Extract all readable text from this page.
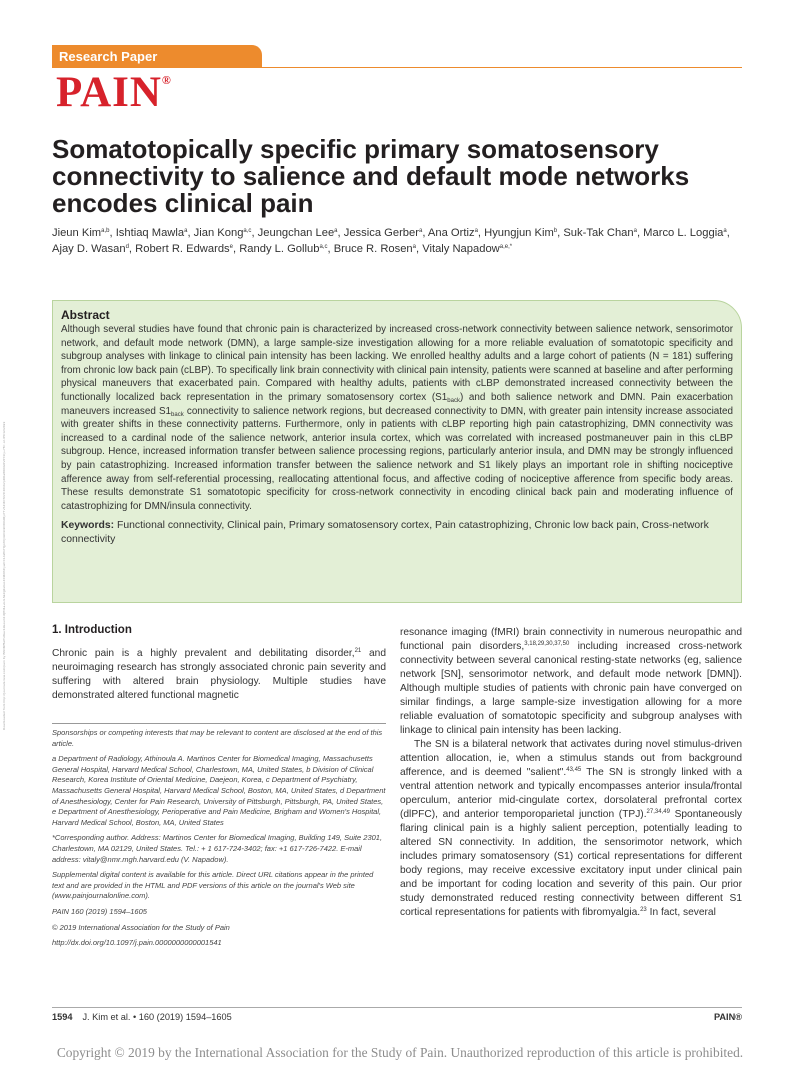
Downloaded from http://journals.lww.com/pain by BhDMf5ePHKav1zEoum1tQfN4a+kJLhEZgbsIHo4XMi0hCywCX1AWnYQp/IlQrHD3i3D0OdRyi7TvSFl4Cf3VC4/OAVpDDa8KKGKV0Ymy+78= on 05/12/2023
Research Paper
PAIN®
Somatotopically specific primary somatosensory connectivity to salience and default mode networks encodes clinical pain
Jieun Kim$^{a,b}$, Ishtiaq Mawla$^a$, Jian Kong$^{a,c}$, Jeungchan Lee$^a$, Jessica Gerber$^a$, Ana Ortiz$^a$, Hyungjun Kim$^b$, Suk-Tak Chan$^a$, Marco L. Loggia$^a$, Ajay D. Wasan$^d$, Robert R. Edwards$^e$, Randy L. Gollub$^{a,c}$, Bruce R. Rosen$^a$, Vitaly Napadow$^{a,e,*}$
Abstract
Although several studies have found that chronic pain is characterized by increased cross-network connectivity between salience network, sensorimotor network, and default mode network (DMN), a large sample-size investigation allowing for a more reliable evaluation of somatotopic specificity and subgroup analyses with linkage to clinical pain intensity has been lacking. We enrolled healthy adults and a large cohort of patients (N = 181) suffering from chronic low back pain (cLBP). To specifically link brain connectivity with clinical pain intensity, patients were scanned at baseline and after performing physical maneuvers that exacerbated pain. Compared with healthy adults, patients with cLBP demonstrated increased connectivity between the functionally localized back representation in the primary somatosensory cortex $(S1_{back})$ and both salience network and DMN. Pain exacerbation maneuvers increased $S1_{back}$ connectivity to salience network regions, but decreased connectivity to DMN, with greater pain intensity increase associated with greater shifts in these connectivity patterns. Furthermore, only in patients with cLBP reporting high pain catastrophizing, DMN connectivity was increased to a cardinal node of the salience network, anterior insula cortex, which was correlated with increased postmaneuver pain in this cLBP subgroup. Hence, increased information transfer between salience processing regions, particularly anterior insula, and DMN may be strongly influenced by pain catastrophizing. Increased information transfer between the salience network and S1 likely plays an important role in shifting nociceptive afference away from self-referential processing, reallocating attentional focus, and affective coding of nociceptive afference from specific body areas. These results demonstrate S1 somatotopic specificity for cross-network connectivity in encoding clinical back pain and moderating influence of catastrophizing for DMN/insula connectivity.
Keywords: Functional connectivity, Clinical pain, Primary somatosensory cortex, Pain catastrophizing, Chronic low back pain, Cross-network connectivity
1. Introduction

Chronic pain is a highly prevalent and debilitating disorder,$^{21}$ and neuroimaging research has strongly associated chronic pain severity and suffering with altered brain physiology. Multiple studies have demonstrated altered functional magnetic

Sponsorships or competing interests that may be relevant to content are disclosed at the end of this article.

a Department of Radiology, Athinoula A. Martinos Center for Biomedical Imaging, Massachusetts General Hospital, Harvard Medical School, Charlestown, MA, United States, b Division of Clinical Research, Korea Institute of Oriental Medicine, Daejeon, Korea, c Department of Psychiatry, Massachusetts General Hospital, Harvard Medical School, Boston, MA, United States, d Department of Anesthesiology, Center for Pain Research, University of Pittsburgh, Pittsburgh, PA, United States, e Department of Anesthesiology, Perioperative and Pain Medicine, Brigham and Women's Hospital, Harvard Medical School, Boston, MA, United States

*Corresponding author. Address: Martinos Center for Biomedical Imaging, Building 149, Suite 2301, Charlestown, MA 02129, United States. Tel.: + 1 617-724-3402; fax: +1 617-726-7422. E-mail address: vitaly@nmr.mgh.harvard.edu (V. Napadow).

Supplemental digital content is available for this article. Direct URL citations appear in the printed text and are provided in the HTML and PDF versions of this article on the journal's Web site (www.painjournalonline.com).

PAIN 160 (2019) 1594–1605

© 2019 International Association for the Study of Pain

http://dx.doi.org/10.1097/j.pain.0000000000001541

resonance imaging (fMRI) brain connectivity in numerous neuropathic and functional pain disorders,$^{3,18,29,30,37,50}$ including increased cross-network connectivity between several canonical resting-state networks (eg, salience network [SN], sensorimotor network, and default mode network [DMN]). Although multiple studies of patients with chronic pain have converged on similar findings, a large sample-size investigation allowing for a more reliable evaluation of somatotopic specificity and subgroup analyses with linkage to clinical pain intensity has been lacking.

The SN is a bilateral network that activates during novel stimulus-driven attention allocation, ie, when a stimulus stands out from background afference, and is deemed "salient".$^{43,45}$ The SN is strongly linked with a ventral attention network and typically encompasses anterior insula/frontal operculum, anterior mid-cingulate cortex, dorsolateral prefrontal cortex (dlPFC), and anterior temporoparietal junction (TPJ).$^{27,34,49}$ Spontaneously flaring clinical pain is a highly salient perception, potentially leading to altered SN connectivity. In addition, the sensorimotor network, which includes primary somatosensory (S1) cortical representations for different body regions, may receive excessive excitatory input under clinical pain and be important for coding location and severity of this pain. Our prior study demonstrated reduced resting connectivity between different S1 cortical representations for patients with fibromyalgia.$^{23}$ In fact, several

1594 J. Kim et al. • 160 (2019) 1594–1605	PAIN®
Copyright © 2019 by the International Association for the Study of Pain. Unauthorized reproduction of this article is prohibited.
